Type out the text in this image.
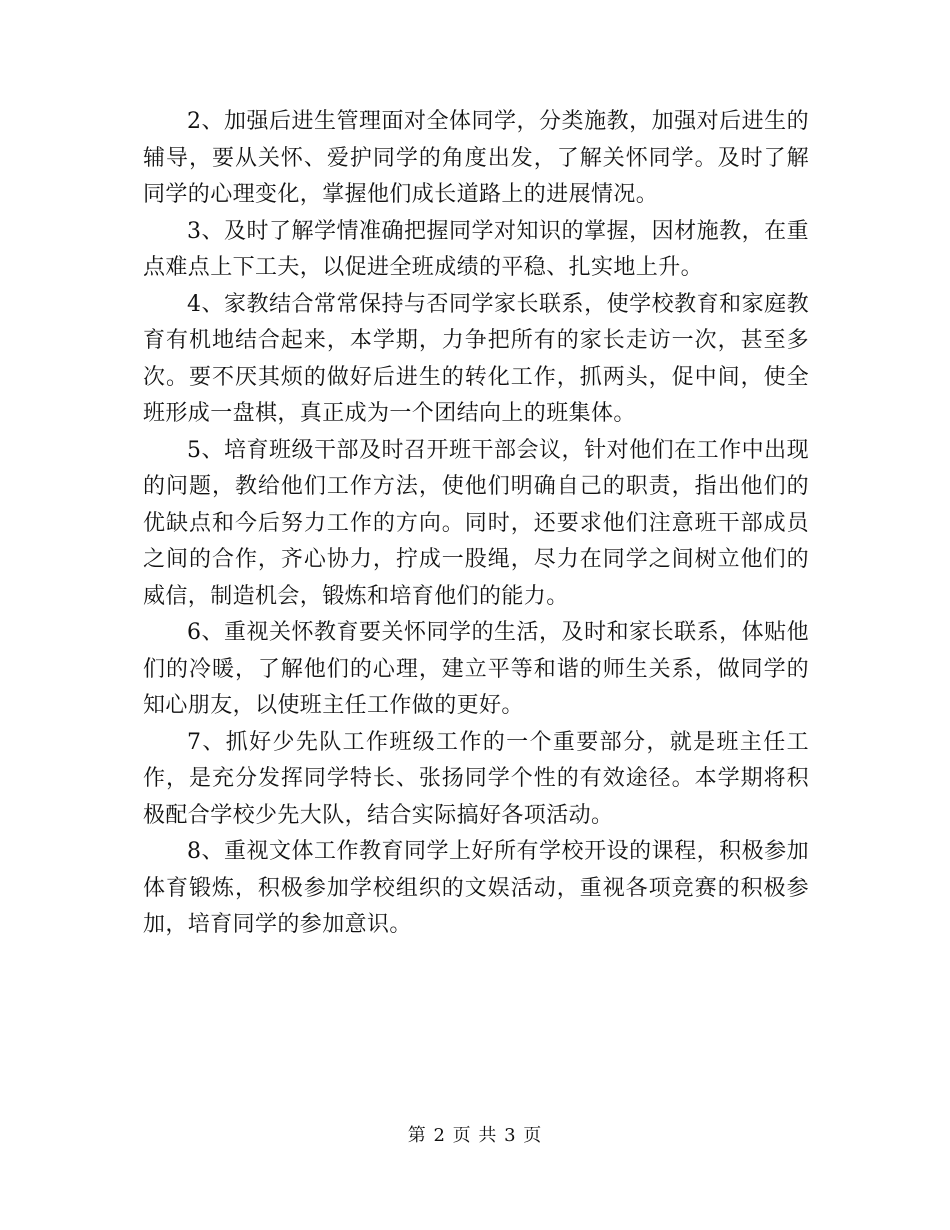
2、加强后进生管理面对全体同学，分类施教，加强对后进生的辅导，要从关怀、爱护同学的角度出发，了解关怀同学。及时了解同学的心理变化，掌握他们成长道路上的进展情况。

3、及时了解学情准确把握同学对知识的掌握，因材施教，在重点难点上下工夫，以促进全班成绩的平稳、扎实地上升。

4、家教结合常常保持与否同学家长联系，使学校教育和家庭教育有机地结合起来，本学期，力争把所有的家长走访一次，甚至多次。要不厌其烦的做好后进生的转化工作，抓两头，促中间，使全班形成一盘棋，真正成为一个团结向上的班集体。

5、培育班级干部及时召开班干部会议，针对他们在工作中出现的问题，教给他们工作方法，使他们明确自己的职责，指出他们的优缺点和今后努力工作的方向。同时，还要求他们注意班干部成员之间的合作，齐心协力，拧成一股绳，尽力在同学之间树立他们的威信，制造机会，锻炼和培育他们的能力。

6、重视关怀教育要关怀同学的生活，及时和家长联系，体贴他们的冷暖，了解他们的心理，建立平等和谐的师生关系，做同学的知心朋友，以使班主任工作做的更好。

7、抓好少先队工作班级工作的一个重要部分，就是班主任工作，是充分发挥同学特长、张扬同学个性的有效途径。本学期将积极配合学校少先大队，结合实际搞好各项活动。

8、重视文体工作教育同学上好所有学校开设的课程，积极参加体育锻炼，积极参加学校组织的文娱活动，重视各项竞赛的积极参加，培育同学的参加意识。

第 2 页 共 3 页
